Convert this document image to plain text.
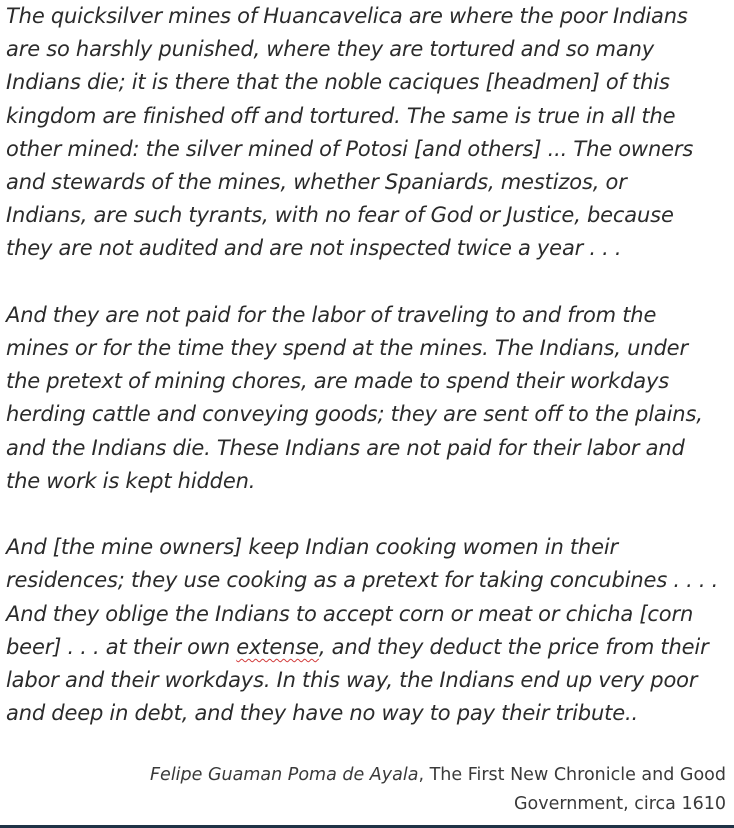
The quicksilver mines of Huancavelica are where the poor Indians
are so harshly punished, where they are tortured and so many
Indians die; it is there that the noble caciques [headmen] of this
kingdom are finished off and tortured. The same is true in all the
other mined: the silver mined of Potosi [and others] ... The owners
and stewards of the mines, whether Spaniards, mestizos, or
Indians, are such tyrants, with no fear of God or Justice, because
they are not audited and are not inspected twice a year . . .

And they are not paid for the labor of traveling to and from the
mines or for the time they spend at the mines. The Indians, under
the pretext of mining chores, are made to spend their workdays
herding cattle and conveying goods; they are sent off to the plains,
and the Indians die. These Indians are not paid for their labor and
the work is kept hidden.

And [the mine owners] keep Indian cooking women in their
residences; they use cooking as a pretext for taking concubines . . . .
And they oblige the Indians to accept corn or meat or chicha [corn
beer] . . . at their own extense, and they deduct the price from their
labor and their workdays. In this way, the Indians end up very poor
and deep in debt, and they have no way to pay their tribute..

Felipe Guaman Poma de Ayala, The First New Chronicle and Good
Government, circa 1610
